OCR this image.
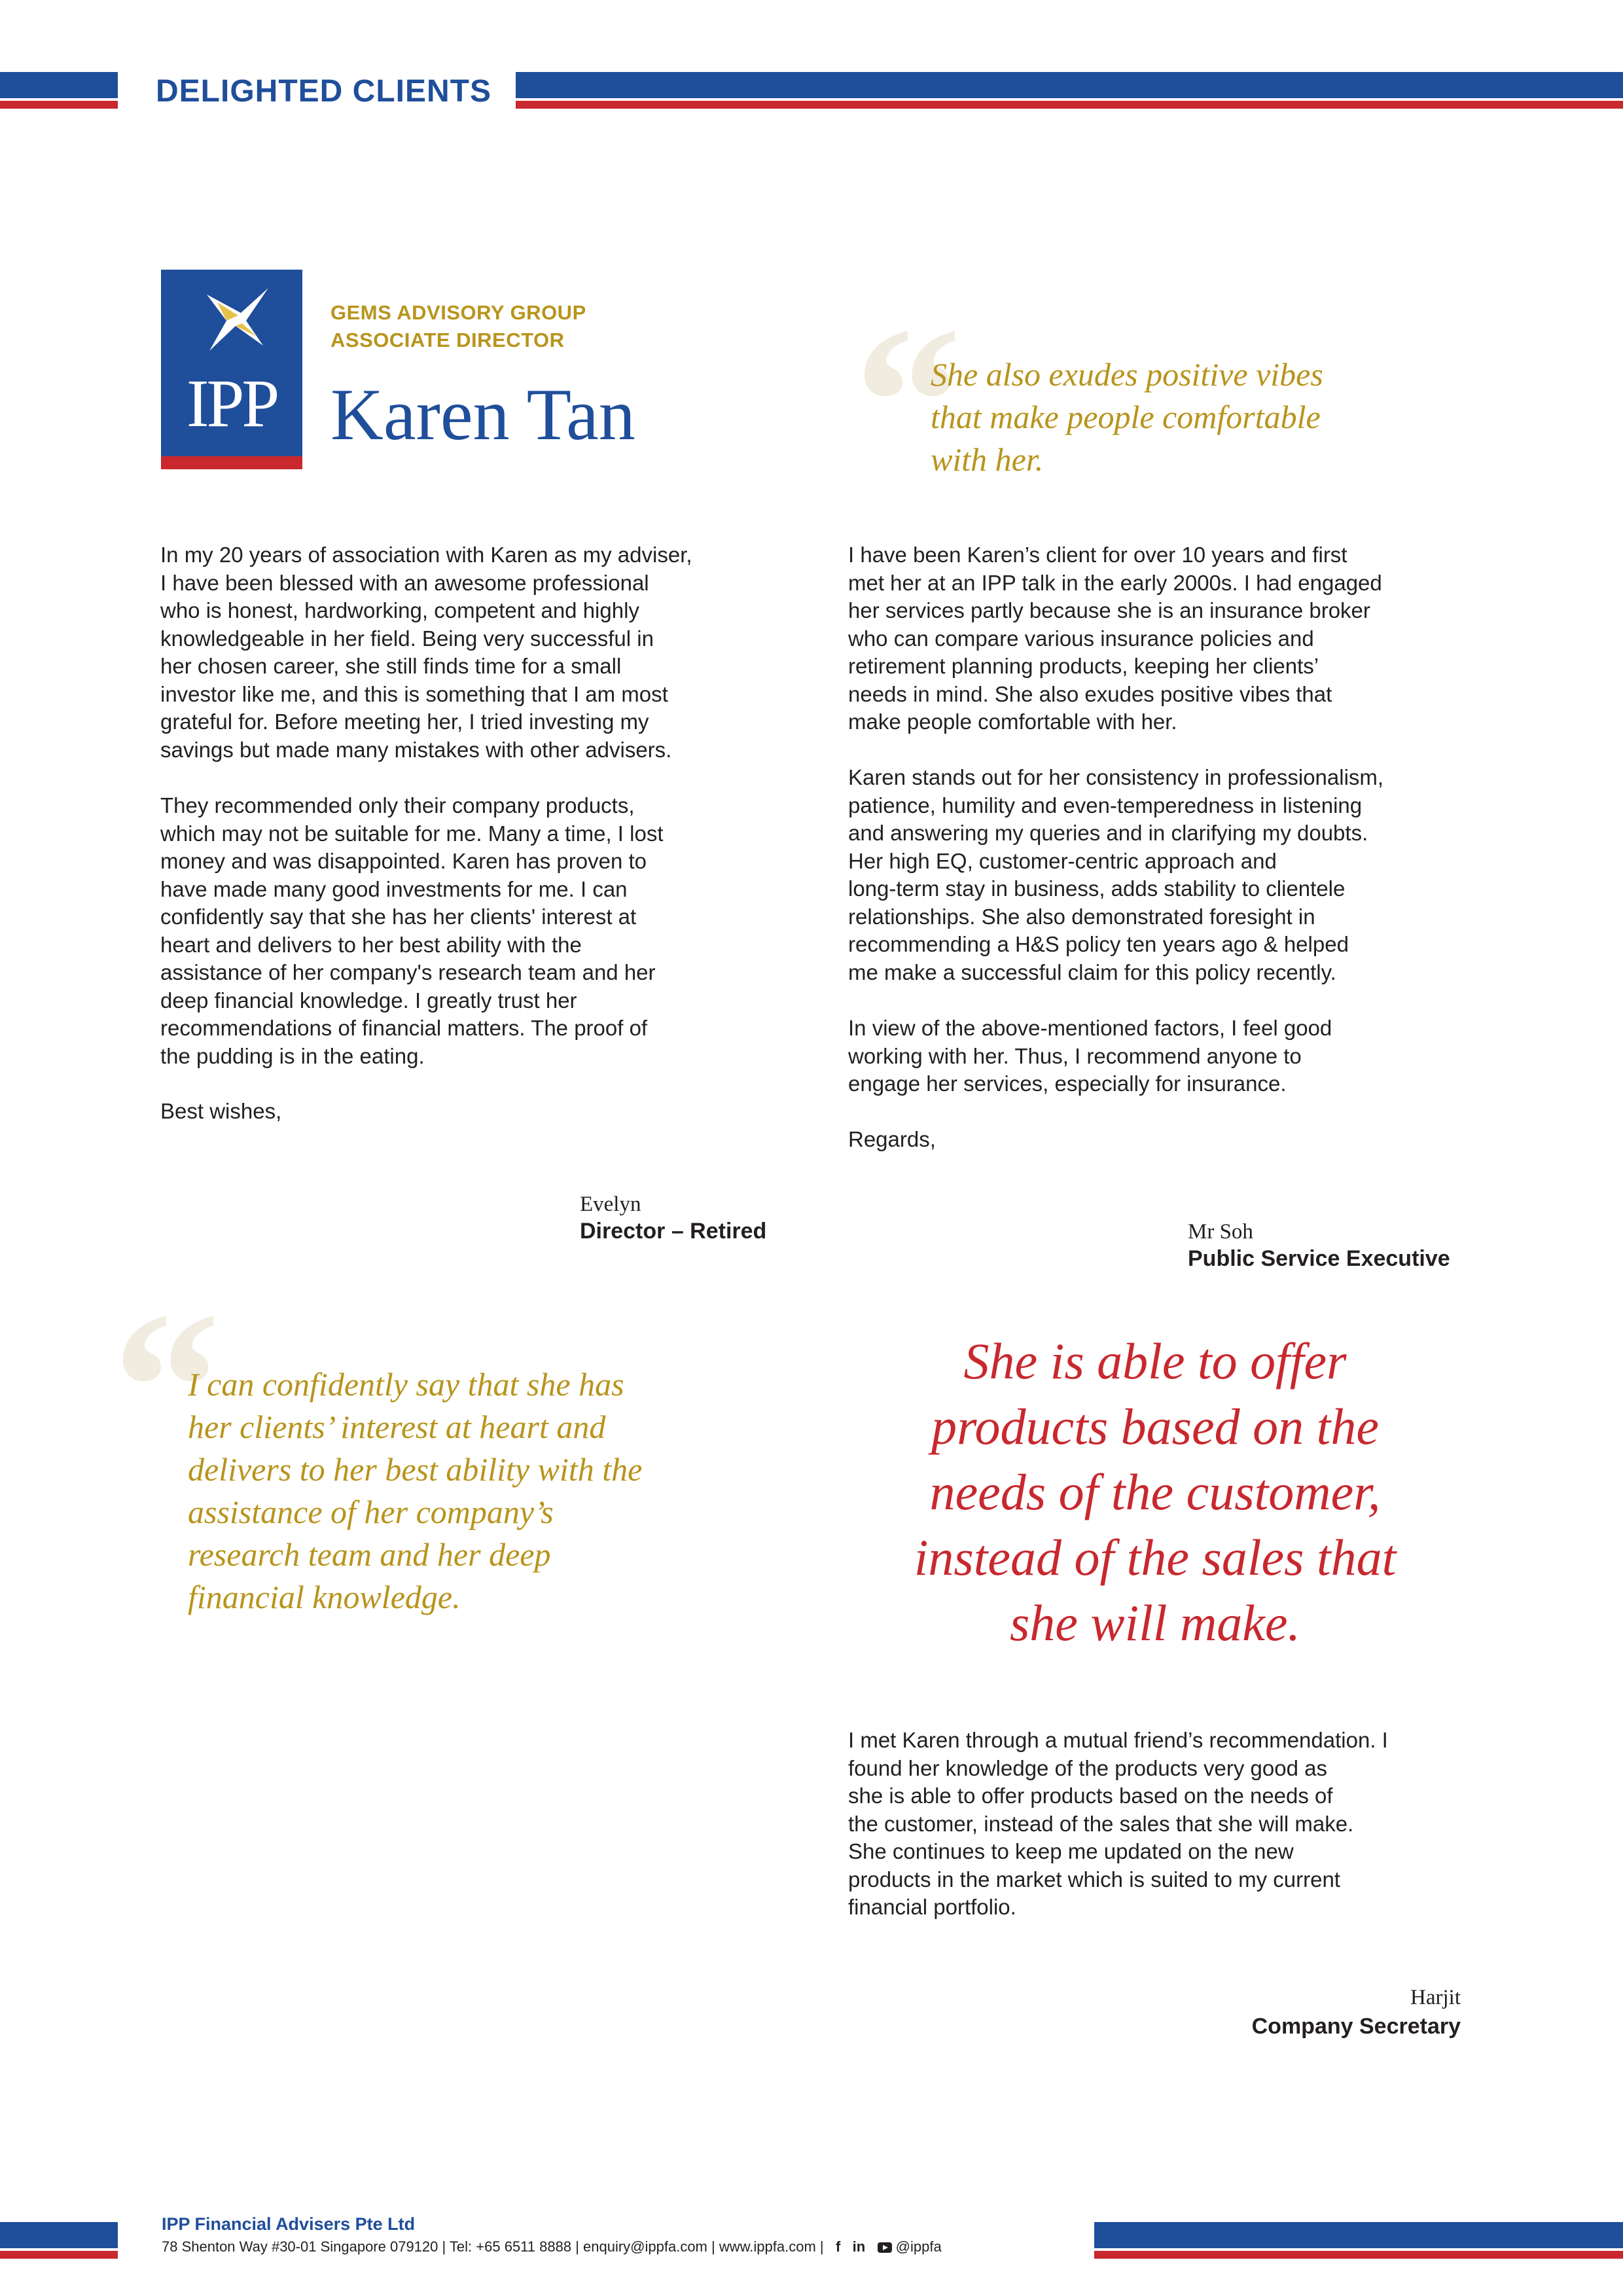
DELIGHTED CLIENTS
IPP
GEMS ADVISORY GROUP
ASSOCIATE DIRECTOR
Karen Tan “
She also exudes positive vibes
that make people comfortable
with her.
In my 20 years of association with Karen as my adviser,
I have been blessed with an awesome professional
who is honest, hardworking, competent and highly
knowledgeable in her field. Being very successful in
her chosen career, she still finds time for a small
investor like me, and this is something that I am most
grateful for. Before meeting her, I tried investing my
savings but made many mistakes with other advisers.
They recommended only their company products,
which may not be suitable for me. Many a time, I lost
money and was disappointed. Karen has proven to
have made many good investments for me. I can
confidently say that she has her clients' interest at
heart and delivers to her best ability with the
assistance of her company's research team and her
deep financial knowledge. I greatly trust her
recommendations of financial matters. The proof of
the pudding is in the eating.
Best wishes,
Evelyn
Director – Retired
I have been Karen’s client for over 10 years and first
met her at an IPP talk in the early 2000s. I had engaged
her services partly because she is an insurance broker
who can compare various insurance policies and
retirement planning products, keeping her clients’
needs in mind. She also exudes positive vibes that
make people comfortable with her.
Karen stands out for her consistency in professionalism,
patience, humility and even-temperedness in listening
and answering my queries and in clarifying my doubts.
Her high EQ, customer-centric approach and
long-term stay in business, adds stability to clientele
relationships. She also demonstrated foresight in
recommending a H&S policy ten years ago & helped
me make a successful claim for this policy recently.
In view of the above-mentioned factors, I feel good
working with her. Thus, I recommend anyone to
engage her services, especially for insurance.
Regards,
Mr Soh
Public Service Executive
“
I can confidently say that she has
her clients’ interest at heart and
delivers to her best ability with the
assistance of her company’s
research team and her deep
financial knowledge.
She is able to offer
products based on the
needs of the customer,
instead of the sales that
she will make.
I met Karen through a mutual friend’s recommendation. I
found her knowledge of the products very good as
she is able to offer products based on the needs of
the customer, instead of the sales that she will make.
She continues to keep me updated on the new
products in the market which is suited to my current
financial portfolio.
Harjit
Company Secretary
IPP Financial Advisers Pte Ltd
78 Shenton Way #30-01 Singapore 079120 | Tel: +65 6511 8888 | enquiry@ippfa.com | www.ippfa.com | f in @ippfa
